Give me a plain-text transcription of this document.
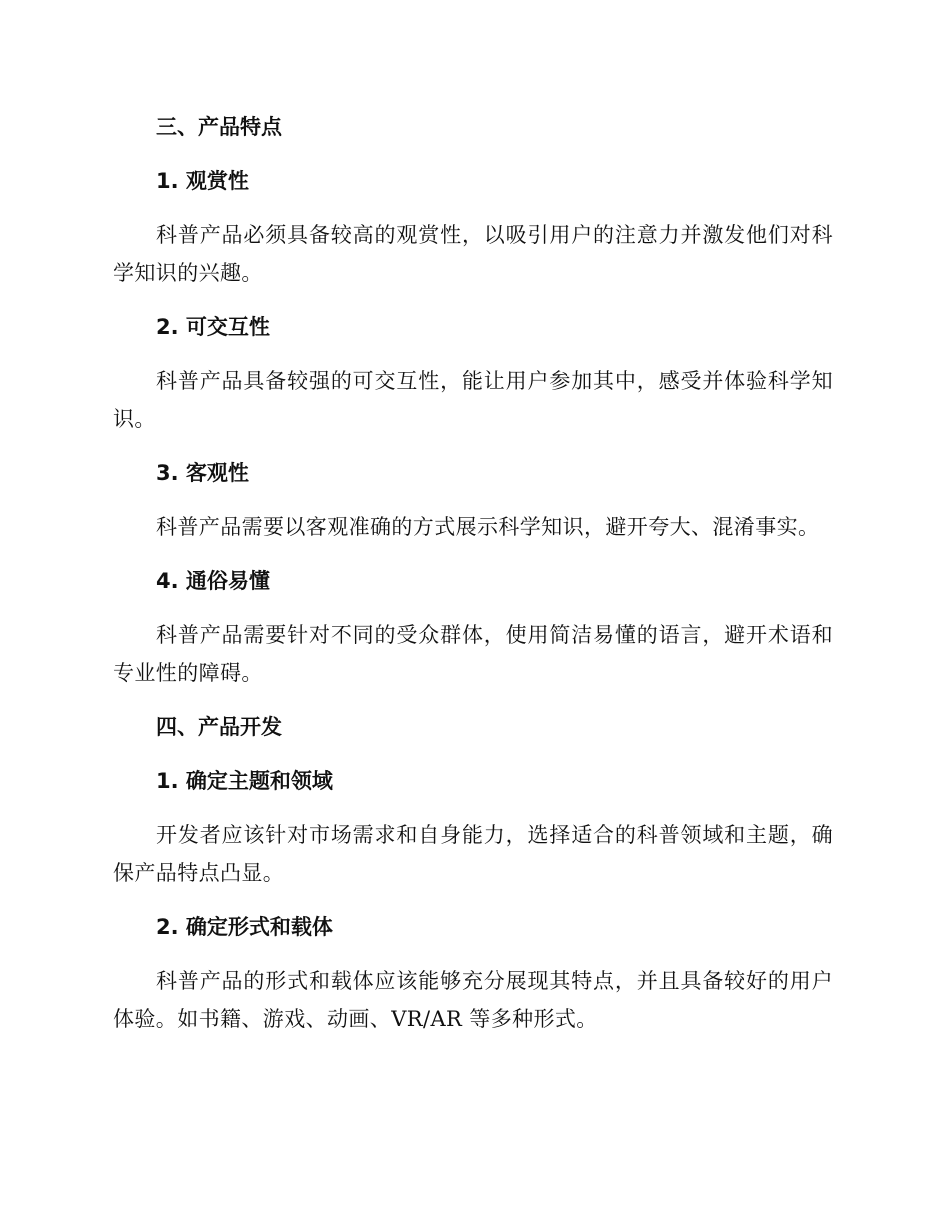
三、产品特点
1. 观赏性

科普产品必须具备较高的观赏性，以吸引用户的注意力并激发他们对科学知识的兴趣。

2. 可交互性

科普产品具备较强的可交互性，能让用户参加其中，感受并体验科学知识。

3. 客观性

科普产品需要以客观准确的方式展示科学知识，避开夸大、混淆事实。

4. 通俗易懂

科普产品需要针对不同的受众群体，使用简洁易懂的语言，避开术语和专业性的障碍。

四、产品开发
1. 确定主题和领域

开发者应该针对市场需求和自身能力，选择适合的科普领域和主题，确保产品特点凸显。

2. 确定形式和载体

科普产品的形式和载体应该能够充分展现其特点，并且具备较好的用户体验。如书籍、游戏、动画、VR/AR 等多种形式。
